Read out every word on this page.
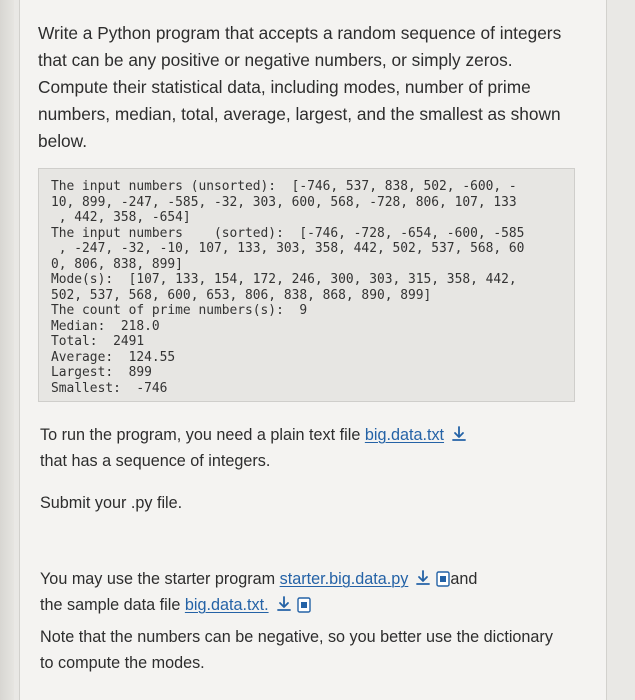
Write a Python program that accepts a random sequence of integers that can be any positive or negative numbers, or simply zeros. Compute their statistical data, including modes, number of prime numbers, median, total, average, largest, and the smallest as shown below.

The input numbers (unsorted):  [-746, 537, 838, 502, -600, -
10, 899, -247, -585, -32, 303, 600, 568, -728, 806, 107, 133
, 442, 358, -654]
The input numbers    (sorted):  [-746, -728, -654, -600, -585
, -247, -32, -10, 107, 133, 303, 358, 442, 502, 537, 568, 60
0, 806, 838, 899]
Mode(s):  [107, 133, 154, 172, 246, 300, 303, 315, 358, 442,
502, 537, 568, 600, 653, 806, 838, 868, 890, 899]
The count of prime numbers(s):  9
Median:  218.0
Total:  2491
Average:  124.55
Largest:  899
Smallest:  -746

To run the program, you need a plain text file big.data.txt
that has a sequence of integers.

Submit your .py file.

You may use the starter program starter.big.data.py	and
the sample data file big.data.txt.

Note that the numbers can be negative, so you better use the dictionary to compute the modes.
